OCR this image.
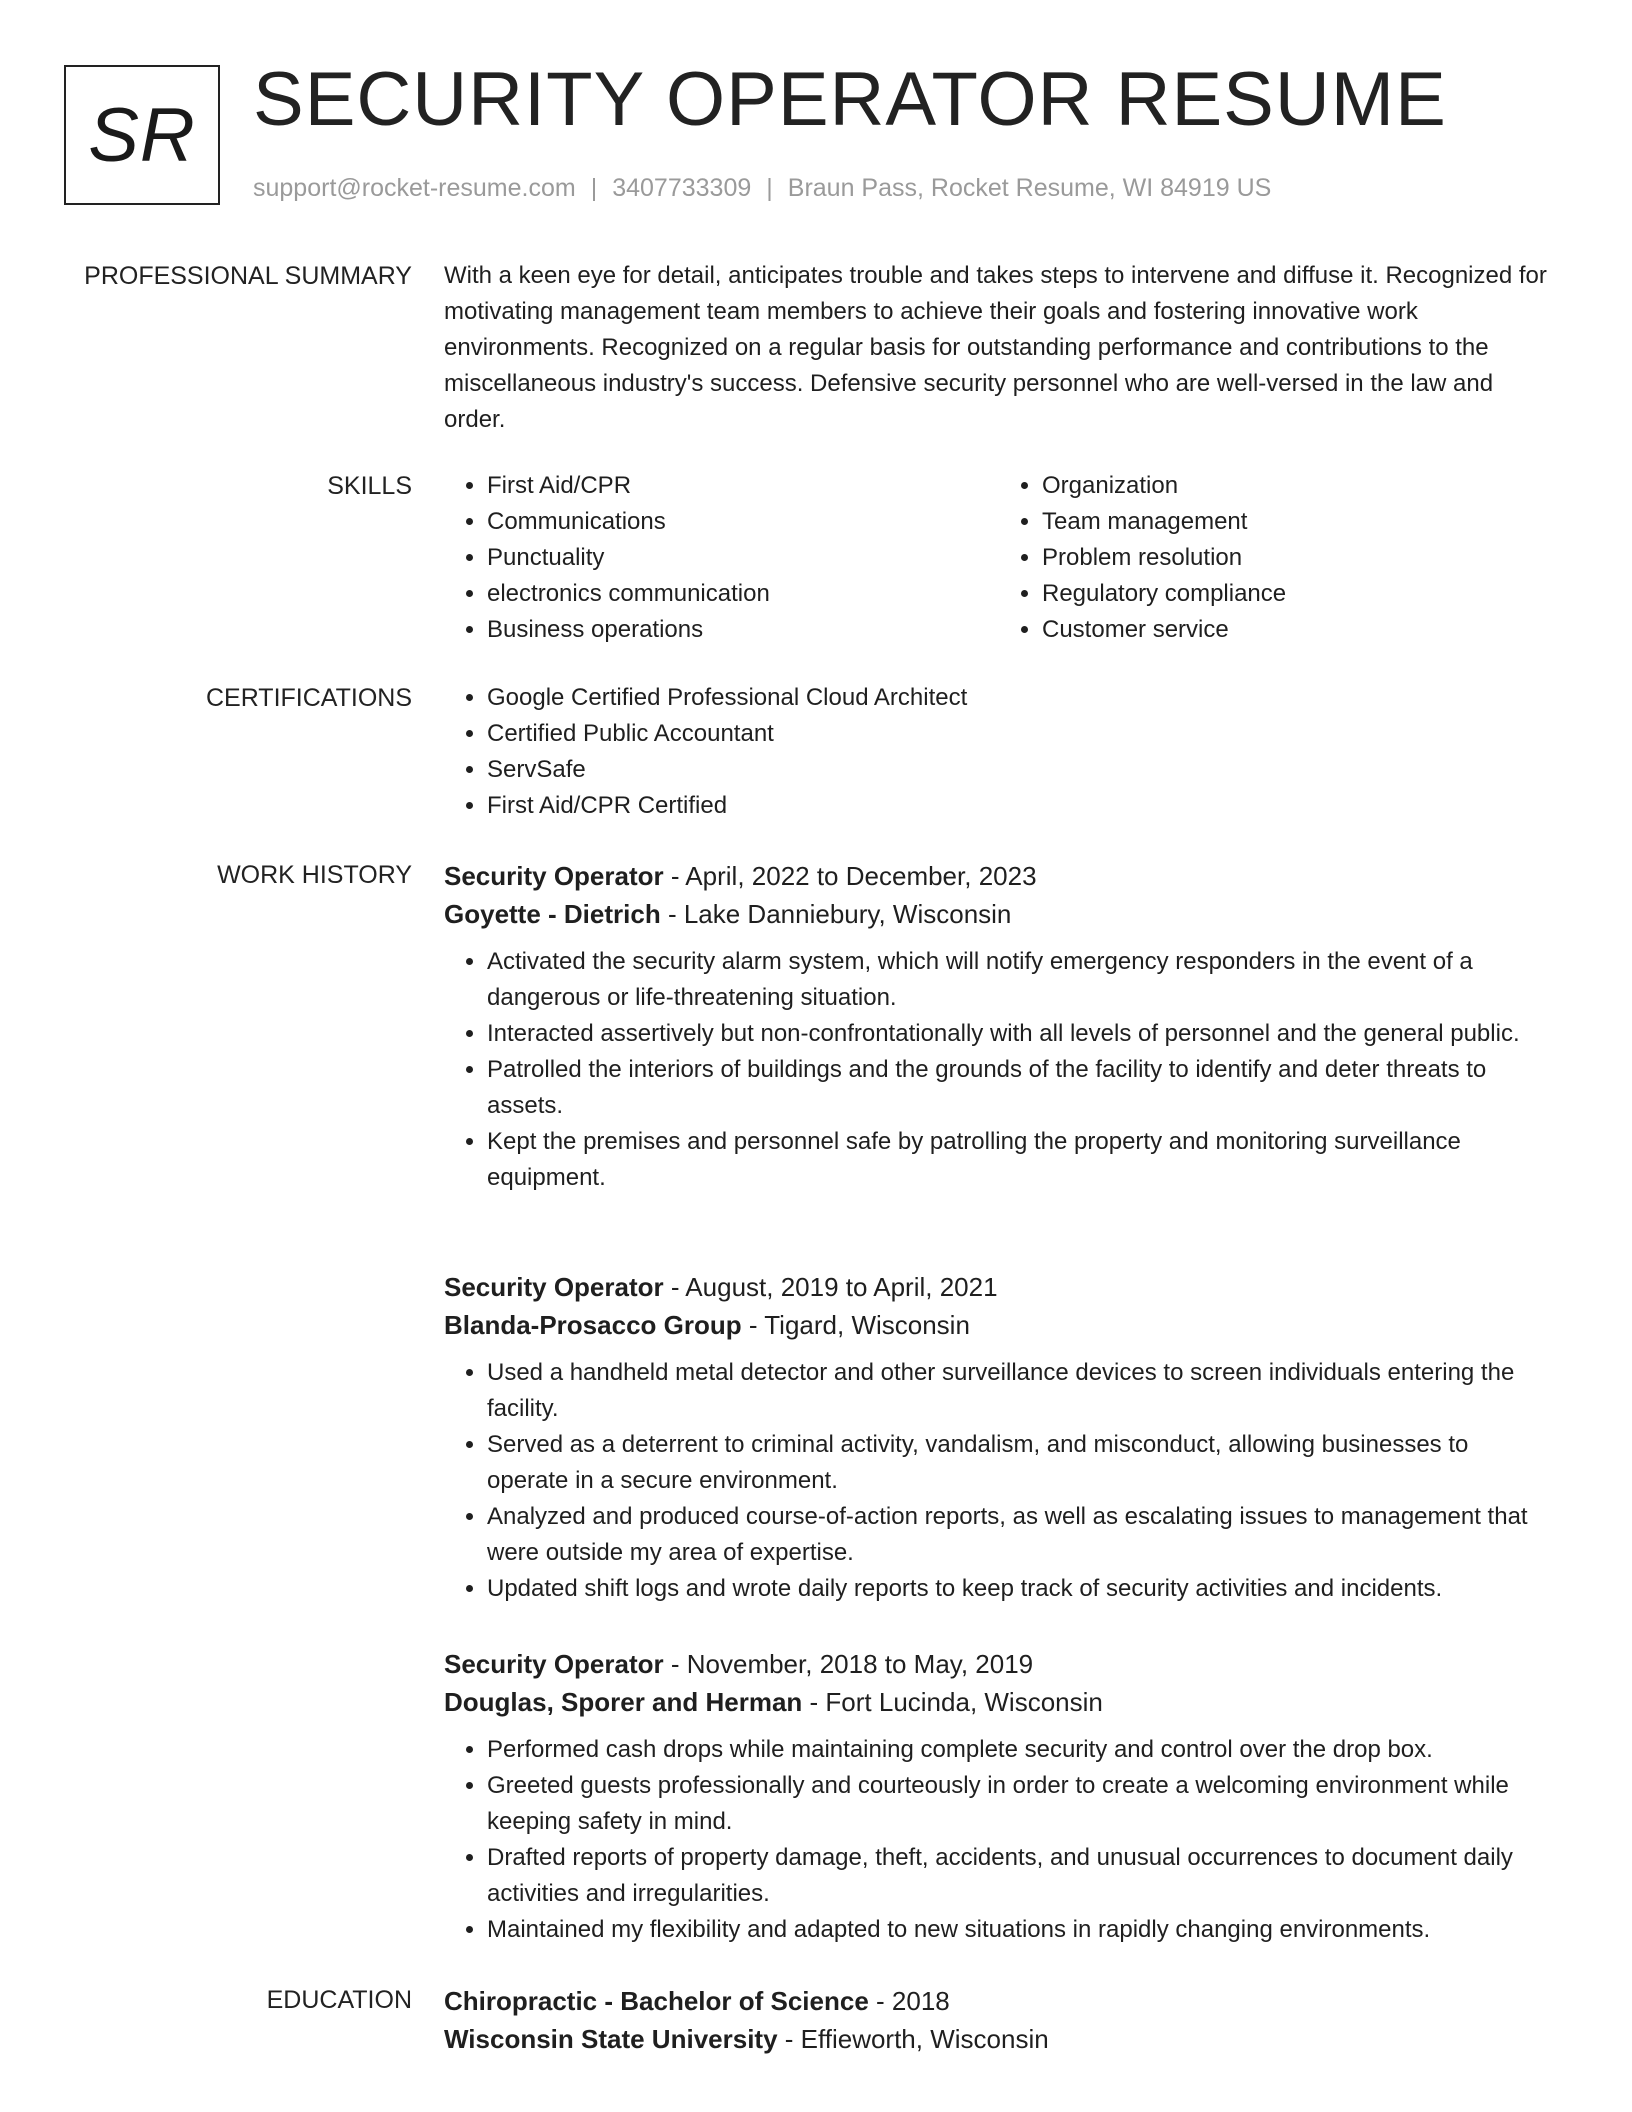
SR SECURITY OPERATOR RESUME
support@rocket-resume.com | 3407733309 | Braun Pass, Rocket Resume, WI 84919 US
PROFESSIONAL SUMMARY With a keen eye for detail, anticipates trouble and takes steps to intervene and diffuse it. Recognized for motivating management team members to achieve their goals and fostering innovative work environments. Recognized on a regular basis for outstanding performance and contributions to the miscellaneous industry's success. Defensive security personnel who are well-versed in the law and order.

SKILLS	• First Aid/CPR
• Communications
• Punctuality
• electronics communication
• Business operations
• Organization
• Team management
• Problem resolution
• Regulatory compliance
• Customer service
CERTIFICATIONS	• Google Certified Professional Cloud Architect
• Certified Public Accountant
• ServSafe
• First Aid/CPR Certified
WORK HISTORY Security Operator - April, 2022 to December, 2023
Goyette - Dietrich - Lake Danniebury, Wisconsin
• Activated the security alarm system, which will notify emergency responders in the event of a dangerous or life-threatening situation.
• Interacted assertively but non-confrontationally with all levels of personnel and the general public.
• Patrolled the interiors of buildings and the grounds of the facility to identify and deter threats to assets.
• Kept the premises and personnel safe by patrolling the property and monitoring surveillance equipment.
Security Operator - August, 2019 to April, 2021
Blanda-Prosacco Group - Tigard, Wisconsin
• Used a handheld metal detector and other surveillance devices to screen individuals entering the facility.
• Served as a deterrent to criminal activity, vandalism, and misconduct, allowing businesses to operate in a secure environment.
• Analyzed and produced course-of-action reports, as well as escalating issues to management that were outside my area of expertise.
• Updated shift logs and wrote daily reports to keep track of security activities and incidents.
Security Operator - November, 2018 to May, 2019
Douglas, Sporer and Herman - Fort Lucinda, Wisconsin
• Performed cash drops while maintaining complete security and control over the drop box.
• Greeted guests professionally and courteously in order to create a welcoming environment while keeping safety in mind.
• Drafted reports of property damage, theft, accidents, and unusual occurrences to document daily activities and irregularities.
• Maintained my flexibility and adapted to new situations in rapidly changing environments.
EDUCATION Chiropractic - Bachelor of Science - 2018
Wisconsin State University - Effieworth, Wisconsin
